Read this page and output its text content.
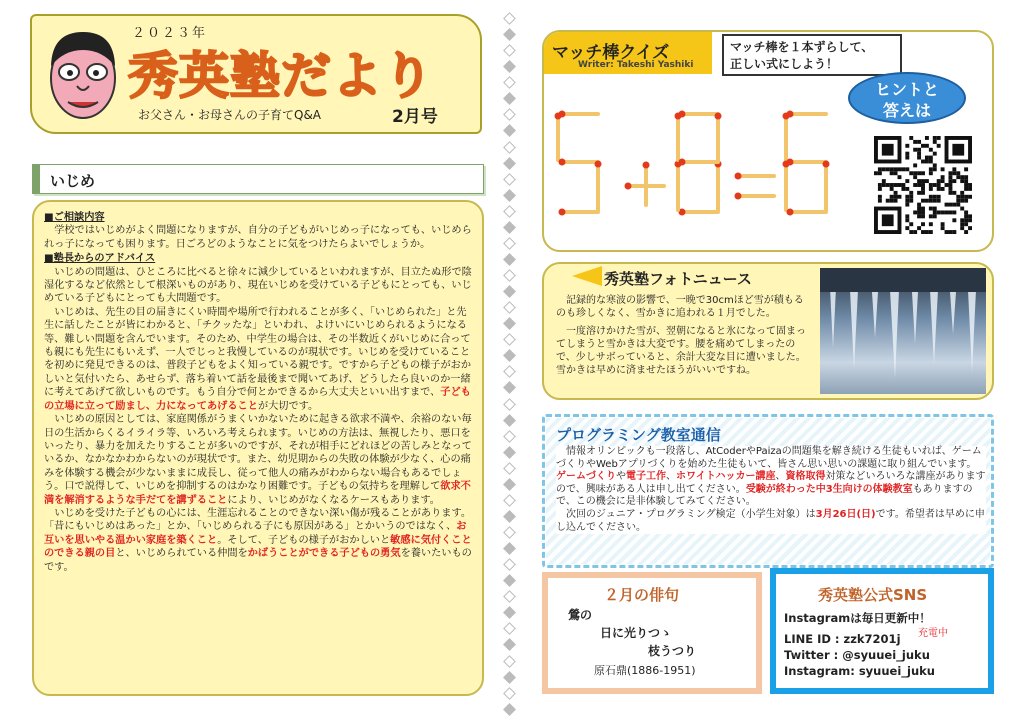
２０２３年
秀英塾だより
お父さん・お母さんの子育てQ&A	2月号
いじめ
■ご相談内容

学校ではいじめがよく問題になりますが、自分の子どもがいじめっ子になっても、いじめられっ子になっても困ります。日ごろどのようなことに気をつけたらよいでしょうか。

■塾長からのアドバイス

いじめの問題は、ひところに比べると徐々に減少しているといわれますが、目立たぬ形で陰湿化するなど依然として根深いものがあり、現在いじめを受けている子どもにとっても、いじめている子どもにとっても大問題です。

いじめは、先生の目の届きにくい時間や場所で行われることが多く、「いじめられた」と先生に話したことが皆にわかると、「チクッたな」といわれ、よけいにいじめられるようになる等、難しい問題を含んでいます。そのため、中学生の場合は、その半数近くがいじめに合っても親にも先生にもいえず、一人でじっと我慢しているのが現状です。いじめを受けていることを初めに発見できるのは、普段子どもをよく知っている親です。ですから子どもの様子がおかしいと気付いたら、あせらず、落ち着いて話を最後まで聞いてあげ、どうしたら良いのか一緒に考えてあげて欲しいものです。もう自分で何とかできるから大丈夫といい出すまで、子どもの立場に立って励まし、力になってあげることが大切です。

いじめの原因としては、家庭関係がうまくいかないために起きる欲求不満や、余裕のない毎日の生活からくるイライラ等、いろいろ考えられます。いじめの方法は、無視したり、悪口をいったり、暴力を加えたりすることが多いのですが、それが相手にどれほどの苦しみとなっているか、なかなかわからないのが現状です。また、幼児期からの失敗の体験が少なく、心の痛みを体験する機会が少ないままに成長し、従って他人の痛みがわからない場合もあるでしょう。口で説得して、いじめを抑制するのはかなり困難です。子どもの気持ちを理解して欲求不満を解消するような手だてを講ずることにより、いじめがなくなるケースもあります。

いじめを受けた子どもの心には、生涯忘れることのできない深い傷が残ることがあります。「昔にもいじめはあった」とか、「いじめられる子にも原因がある」とかいうのではなく、お互いを思いやる温かい家庭を築くこと。そして、子どもの様子がおかしいと敏感に気付くことのできる親の目と、いじめられている仲間をかばうことができる子どもの勇気を養いたいものです。

マッチ棒クイズ
Writer: Takeshi Yashiki
マッチ棒を１本ずらして、
正しい式にしよう！
ヒントと
答えは
秀英塾フォトニュース

記録的な寒波の影響で、一晩で30cmほど雪が積もるのも珍しくなく、雪かきに追われる１月でした。

一度溶けかけた雪が、翌朝になると氷になって固まってしまうと雪かきは大変です。腰を痛めてしまったので、少しサボっていると、余計大変な目に遭いました。雪かきは早めに済ませたほうがいいですね。

プログラミング教室通信

情報オリンピックも一段落し、AtCoderやPaizaの問題集を解き続ける生徒もいれば、ゲームづくりやWebアプリづくりを始めた生徒もいて、皆さん思い思いの課題に取り組んでいます。ゲームづくりや電子工作、ホワイトハッカー講座、資格取得対策などいろいろな講座がありますので、興味がある人は申し出てください。受験が終わった中3生向けの体験教室もありますので、この機会に是非体験してみてください。

次回のジュニア・プログラミング検定（小学生対象）は3月26日(日)です。希望者は早めに申し込んでください。

２月の俳句
鶯の
日に光りつゝ
枝うつり
原石鼎(1886-1951)
秀英塾公式SNS
Instagramは毎日更新中！
充電中
LINE ID : zzk7201j
Twitter : @syuuei_juku
Instagram: syuuei_juku
